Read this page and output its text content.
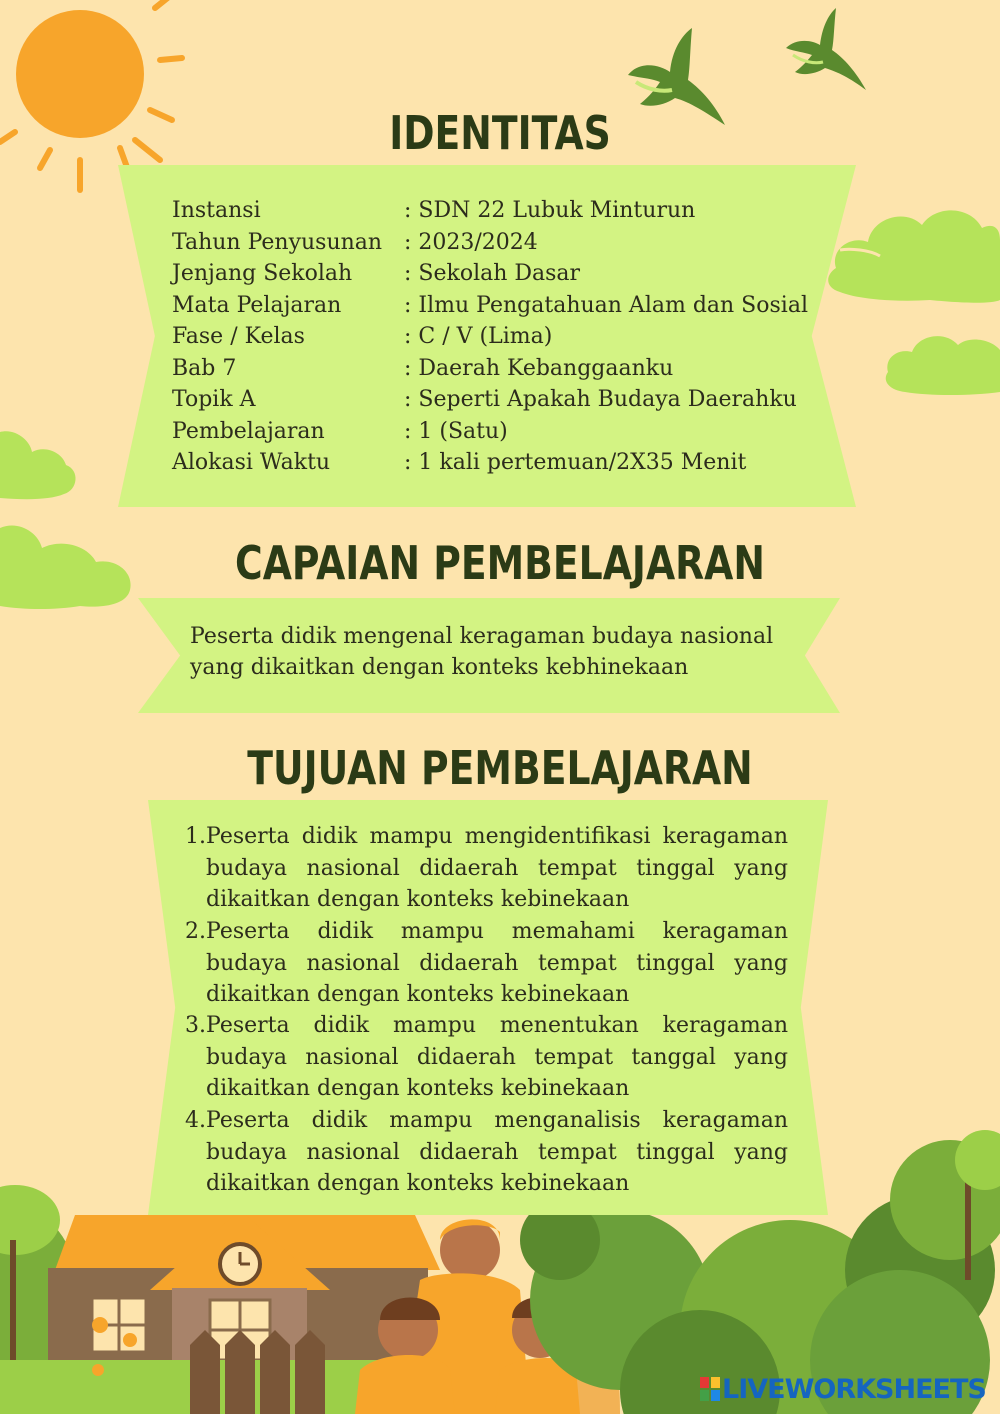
IDENTITAS
Instansi	: SDN 22 Lubuk Minturun
Tahun Penyusunan : 2023/2024
Jenjang Sekolah : Sekolah Dasar
Mata Pelajaran	: Ilmu Pengatahuan Alam dan Sosial
Fase / Kelas	: C / V (Lima)
Bab 7	: Daerah Kebanggaanku
Topik A	: Seperti Apakah Budaya Daerahku
Pembelajaran	: 1 (Satu)
Alokasi Waktu	: 1 kali pertemuan/2X35 Menit
CAPAIAN PEMBELAJARAN
Peserta didik mengenal keragaman budaya nasional
yang dikaitkan dengan konteks kebhinekaan
TUJUAN PEMBELAJARAN
1. Peserta didik mampu mengidentifikasi keragaman budaya nasional didaerah tempat tinggal yang dikaitkan dengan konteks kebinekaan
2. Peserta didik mampu memahami keragaman budaya nasional didaerah tempat tinggal yang dikaitkan dengan konteks kebinekaan
3. Peserta didik mampu menentukan keragaman budaya nasional didaerah tempat tanggal yang dikaitkan dengan konteks kebinekaan
4. Peserta didik mampu menganalisis keragaman budaya nasional didaerah tempat tinggal yang dikaitkan dengan konteks kebinekaan
LIVEWORKSHEETS
